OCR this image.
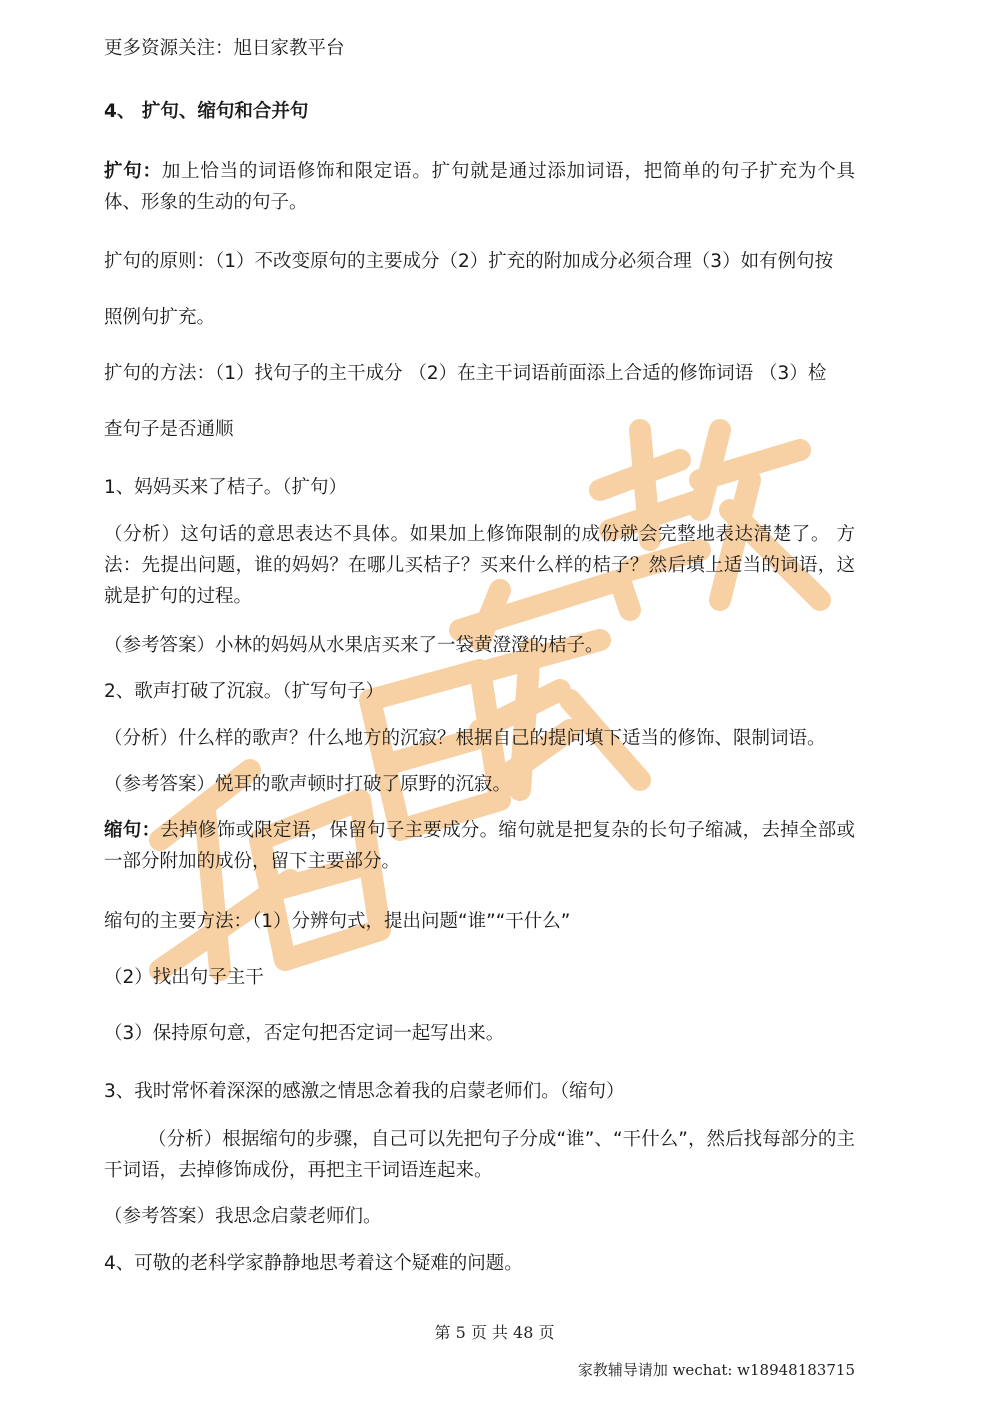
更多资源关注：旭日家教平台
4、 扩句、缩句和合并句
扩句：加上恰当的词语修饰和限定语。扩句就是通过添加词语，把简单的句子扩充为个具体、形象的生动的句子。
扩句的原则：（1）不改变原句的主要成分（2）扩充的附加成分必须合理（3）如有例句按
照例句扩充。
扩句的方法：（1）找句子的主干成分 （2）在主干词语前面添上合适的修饰词语 （3）检
查句子是否通顺
1、妈妈买来了桔子。（扩句）
（分析）这句话的意思表达不具体。如果加上修饰限制的成份就会完整地表达清楚了。 方法：先提出问题，谁的妈妈？在哪儿买桔子？买来什么样的桔子？然后填上适当的词语，这就是扩句的过程。
（参考答案）小林的妈妈从水果店买来了一袋黄澄澄的桔子。
2、歌声打破了沉寂。（扩写句子）
（分析）什么样的歌声？什么地方的沉寂？根据自己的提问填下适当的修饰、限制词语。
（参考答案）悦耳的歌声顿时打破了原野的沉寂。
缩句：去掉修饰或限定语，保留句子主要成分。缩句就是把复杂的长句子缩减，去掉全部或一部分附加的成份，留下主要部分。
缩句的主要方法：（1）分辨句式，提出问题“谁”“干什么”
（2）找出句子主干
（3）保持原句意，否定句把否定词一起写出来。
3、我时常怀着深深的感激之情思念着我的启蒙老师们。（缩句）
（分析）根据缩句的步骤，自己可以先把句子分成“谁”、“干什么”，然后找每部分的主干词语，去掉修饰成份，再把主干词语连起来。
（参考答案）我思念启蒙老师们。
4、可敬的老科学家静静地思考着这个疑难的问题。
第 5 页 共 48 页
家教辅导请加 wechat: w18948183715
